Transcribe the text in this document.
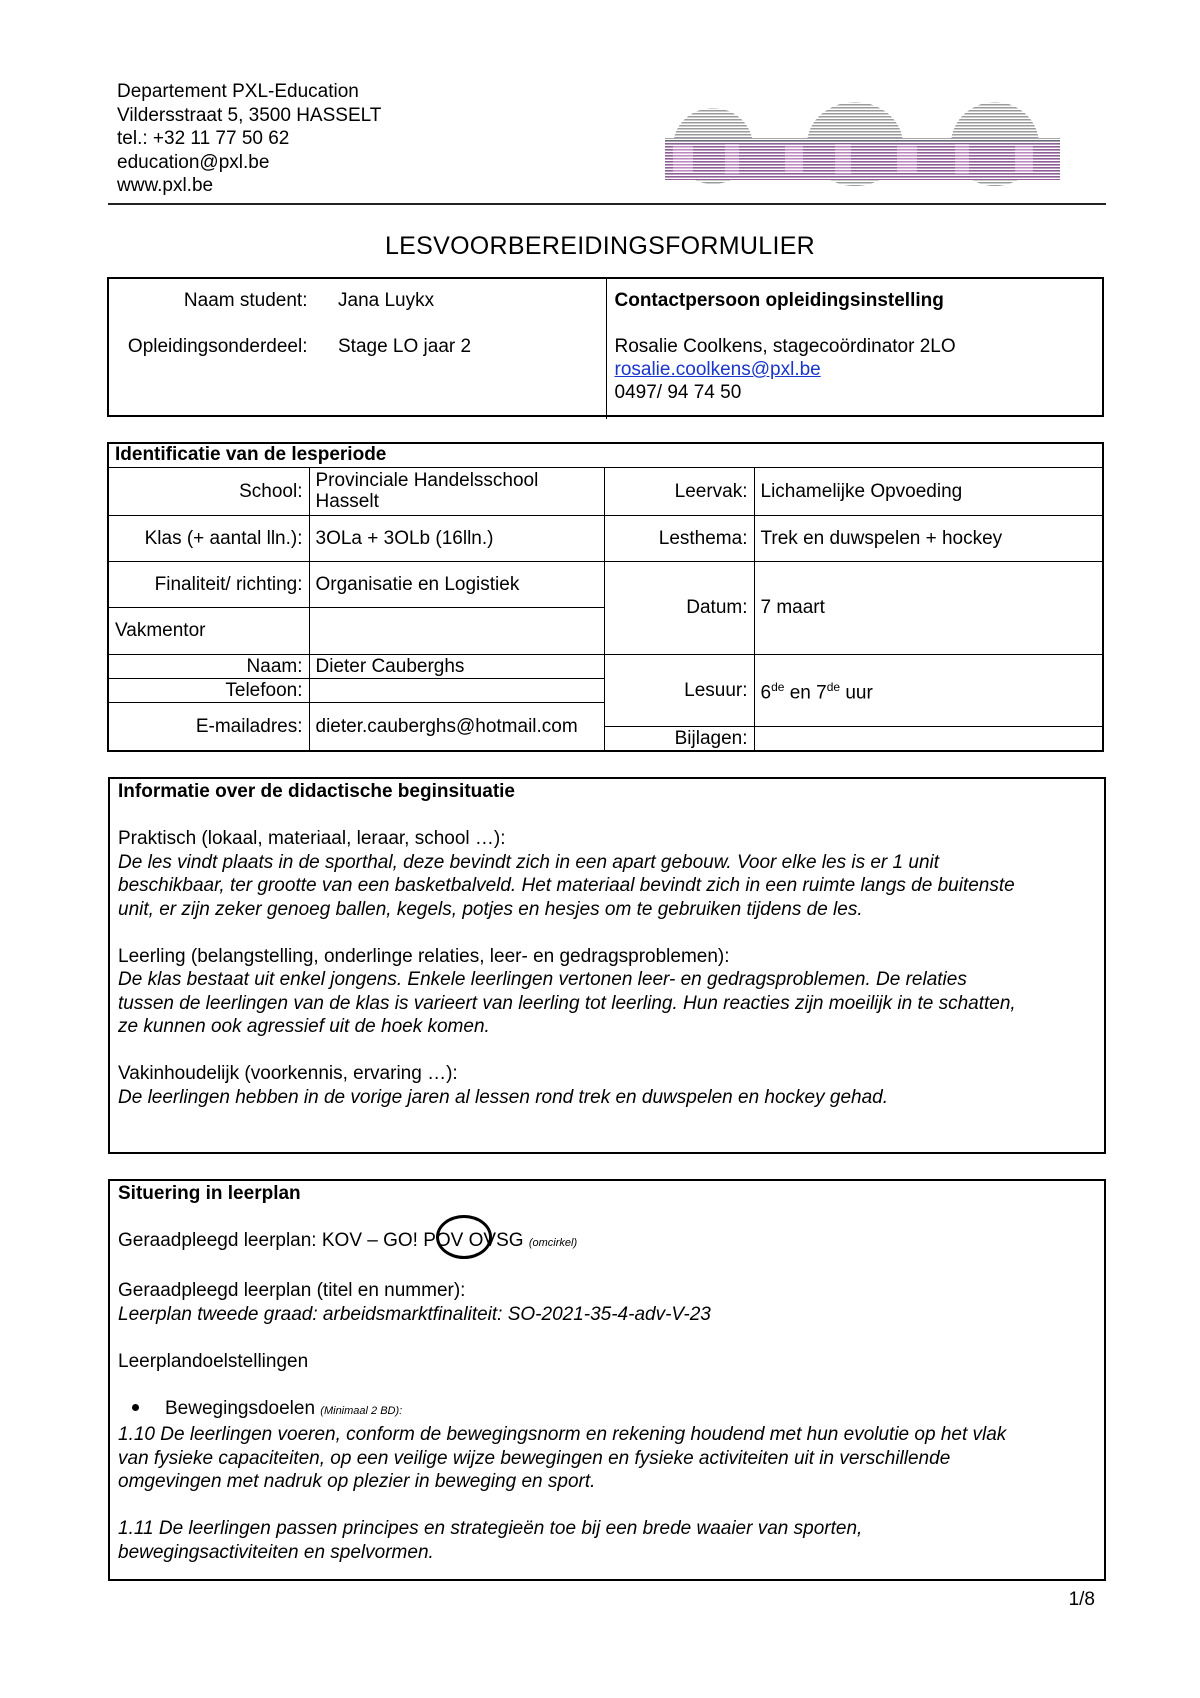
Departement PXL-Education
Vildersstraat 5, 3500 HASSELT
tel.: +32 11 77 50 62
education@pxl.be
www.pxl.be
LESVOORBEREIDINGSFORMULIER
Naam student: Jana Luykx
Opleidingsonderdeel: Stage LO jaar 2

Contactpersoon opleidingsinstelling
Rosalie Coolkens, stagecoördinator 2LO
rosalie.coolkens@pxl.be
0497/ 94 74 50
Identificatie van de lesperiode			
School:	Provinciale Handelsschool Hasselt	Leervak:	Lichamelijke Opvoeding
Klas (+ aantal lln.):	3OLa + 3OLb (16lln.)	Lesthema:	Trek en duwspelen + hockey
Finaliteit/ richting:	Organisatie en Logistiek	Datum:	7 maart
Vakmentor			
Naam:	Dieter Cauberghs	Lesuur:	6de en 7de uur
Telefoon:			
E-mailadres:	dieter.cauberghs@hotmail.com		
		Bijlagen:	
Informatie over de didactische beginsituatie

Praktisch (lokaal, materiaal, leraar, school …):
De les vindt plaats in de sporthal, deze bevindt zich in een apart gebouw. Voor elke les is er 1 unit
beschikbaar, ter grootte van een basketbalveld. Het materiaal bevindt zich in een ruimte langs de buitenste
unit, er zijn zeker genoeg ballen, kegels, potjes en hesjes om te gebruiken tijdens de les.

Leerling (belangstelling, onderlinge relaties, leer- en gedragsproblemen):
De klas bestaat uit enkel jongens. Enkele leerlingen vertonen leer- en gedragsproblemen. De relaties
tussen de leerlingen van de klas is varieert van leerling tot leerling. Hun reacties zijn moeilijk in te schatten,
ze kunnen ook agressief uit de hoek komen.

Vakinhoudelijk (voorkennis, ervaring …):
De leerlingen hebben in de vorige jaren al lessen rond trek en duwspelen en hockey gehad.
Situering in leerplan

Geraadpleegd leerplan: KOV – GO! POV OVSG (omcirkel)

Geraadpleegd leerplan (titel en nummer):
Leerplan tweede graad: arbeidsmarktfinaliteit: SO-2021-35-4-adv-V-23

Leerplandoelstellingen

Bewegingsdoelen (Minimaal 2 BD):
1.10 De leerlingen voeren, conform de bewegingsnorm en rekening houdend met hun evolutie op het vlak
van fysieke capaciteiten, op een veilige wijze bewegingen en fysieke activiteiten uit in verschillende
omgevingen met nadruk op plezier in beweging en sport.

1.11 De leerlingen passen principes en strategieën toe bij een brede waaier van sporten,
bewegingsactiviteiten en spelvormen.
1/8
